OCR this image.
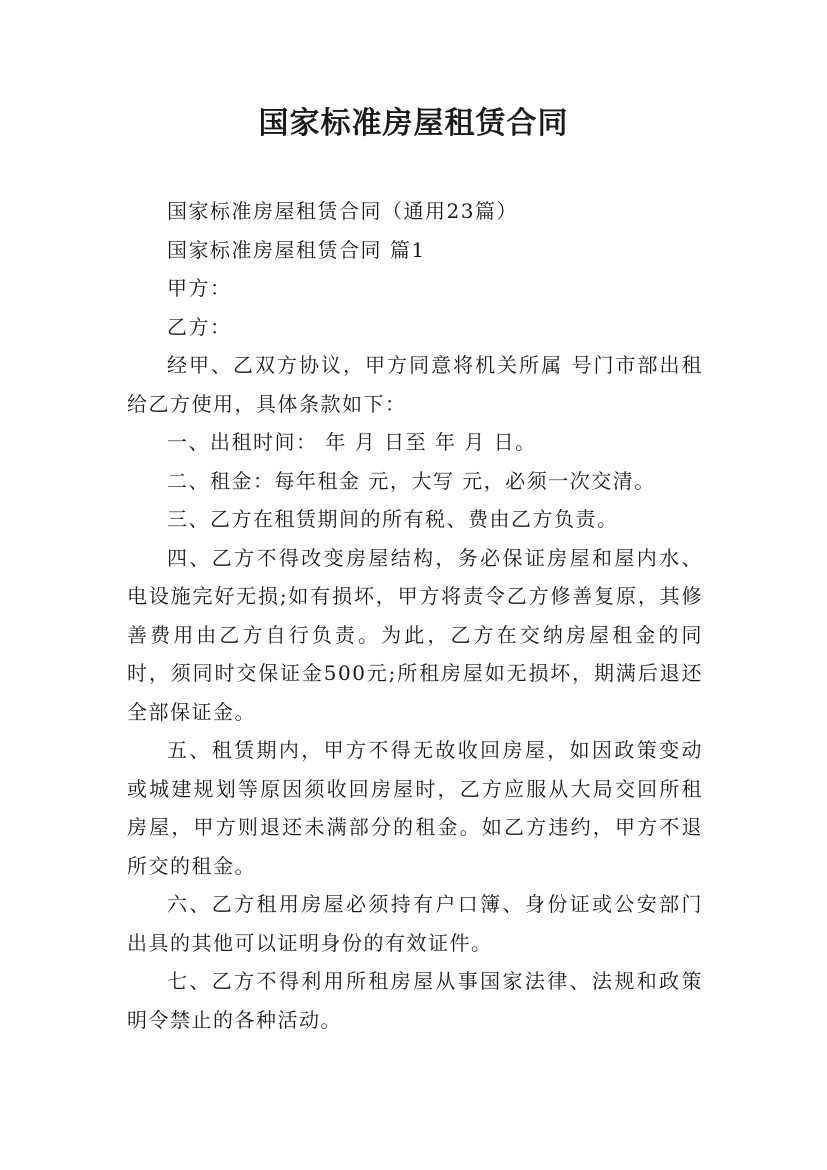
国家标准房屋租赁合同

国家标准房屋租赁合同（通用23篇）

国家标准房屋租赁合同 篇1

甲方：

乙方：

经甲、乙双方协议，甲方同意将机关所属 号门市部出租给乙方使用，具体条款如下：

一、出租时间： 年 月 日至 年 月 日。

二、租金：每年租金 元，大写 元，必须一次交清。

三、乙方在租赁期间的所有税、费由乙方负责。

四、乙方不得改变房屋结构，务必保证房屋和屋内水、电设施完好无损;如有损坏，甲方将责令乙方修善复原，其修善费用由乙方自行负责。为此，乙方在交纳房屋租金的同时，须同时交保证金500元;所租房屋如无损坏，期满后退还全部保证金。

五、租赁期内，甲方不得无故收回房屋，如因政策变动或城建规划等原因须收回房屋时，乙方应服从大局交回所租房屋，甲方则退还未满部分的租金。如乙方违约，甲方不退所交的租金。

六、乙方租用房屋必须持有户口簿、身份证或公安部门出具的其他可以证明身份的有效证件。

七、乙方不得利用所租房屋从事国家法律、法规和政策明令禁止的各种活动。
